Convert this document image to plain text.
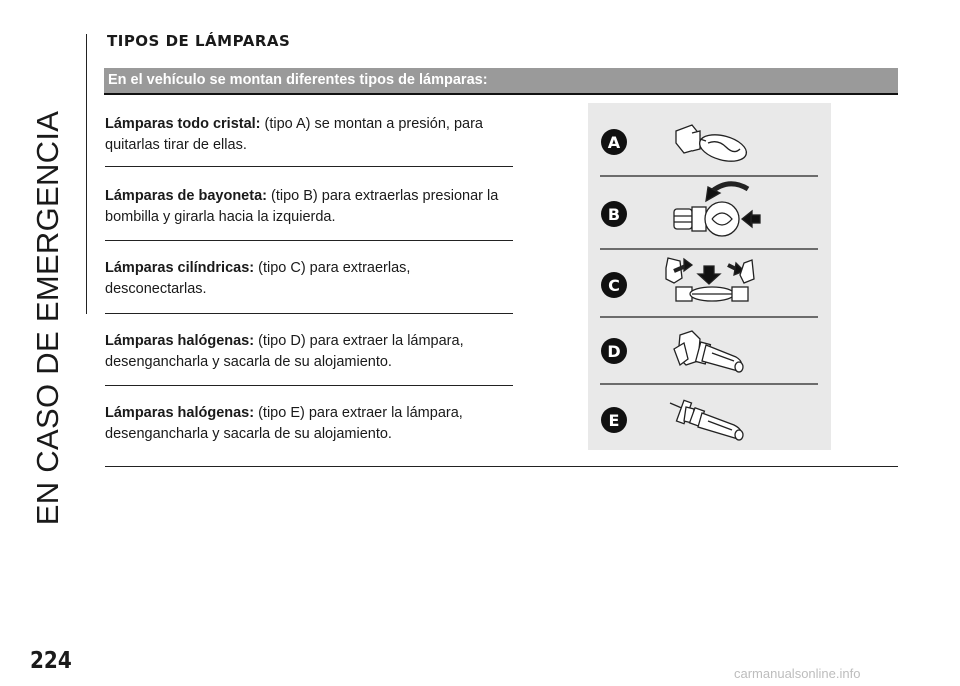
EN CASO DE EMERGENCIA
TIPOS DE LÁMPARAS
En el vehículo se montan diferentes tipos de lámparas:
Lámparas todo cristal: (tipo A) se montan a presión, para
quitarlas tirar de ellas.
Lámparas de bayoneta: (tipo B) para extraerlas presionar la
bombilla y girarla hacia la izquierda.
Lámparas cilíndricas: (tipo C) para extraerlas,
desconectarlas.
Lámparas halógenas: (tipo D) para extraer la lámpara,
desengancharla y sacarla de su alojamiento.
Lámparas halógenas: (tipo E) para extraer la lámpara,
desengancharla y sacarla de su alojamiento.
A
B
C
D
E
224	carmanualsonline.info
